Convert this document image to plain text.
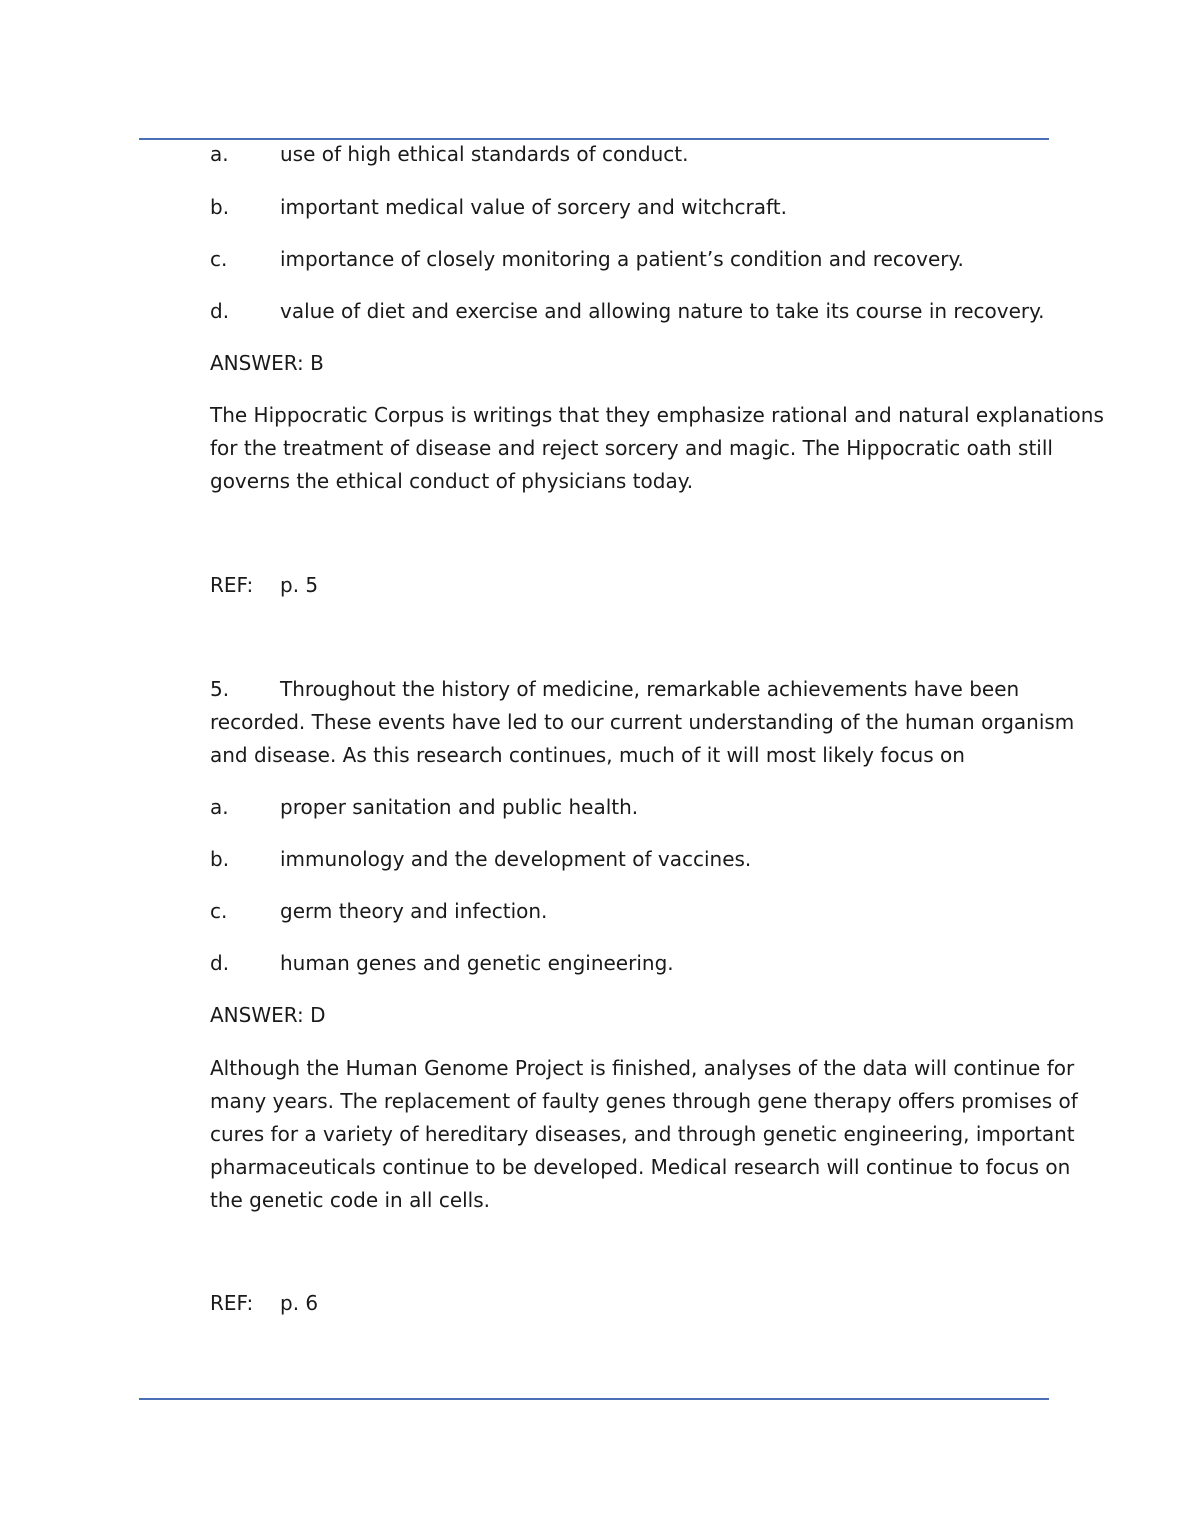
a.	use of high ethical standards of conduct.
b.	important medical value of sorcery and witchcraft.
c.	importance of closely monitoring a patient’s condition and recovery.
d.	value of diet and exercise and allowing nature to take its course in recovery.
ANSWER: B
The Hippocratic Corpus is writings that they emphasize rational and natural explanations
for the treatment of disease and reject sorcery and magic. The Hippocratic oath still
governs the ethical conduct of physicians today.
REF: p. 5
5.	Throughout the history of medicine, remarkable achievements have been
recorded. These events have led to our current understanding of the human organism
and disease. As this research continues, much of it will most likely focus on
a.	proper sanitation and public health.
b.	immunology and the development of vaccines.
c.	germ theory and infection.
d.	human genes and genetic engineering.
ANSWER: D
Although the Human Genome Project is finished, analyses of the data will continue for
many years. The replacement of faulty genes through gene therapy offers promises of
cures for a variety of hereditary diseases, and through genetic engineering, important
pharmaceuticals continue to be developed. Medical research will continue to focus on
the genetic code in all cells.
REF: p. 6
